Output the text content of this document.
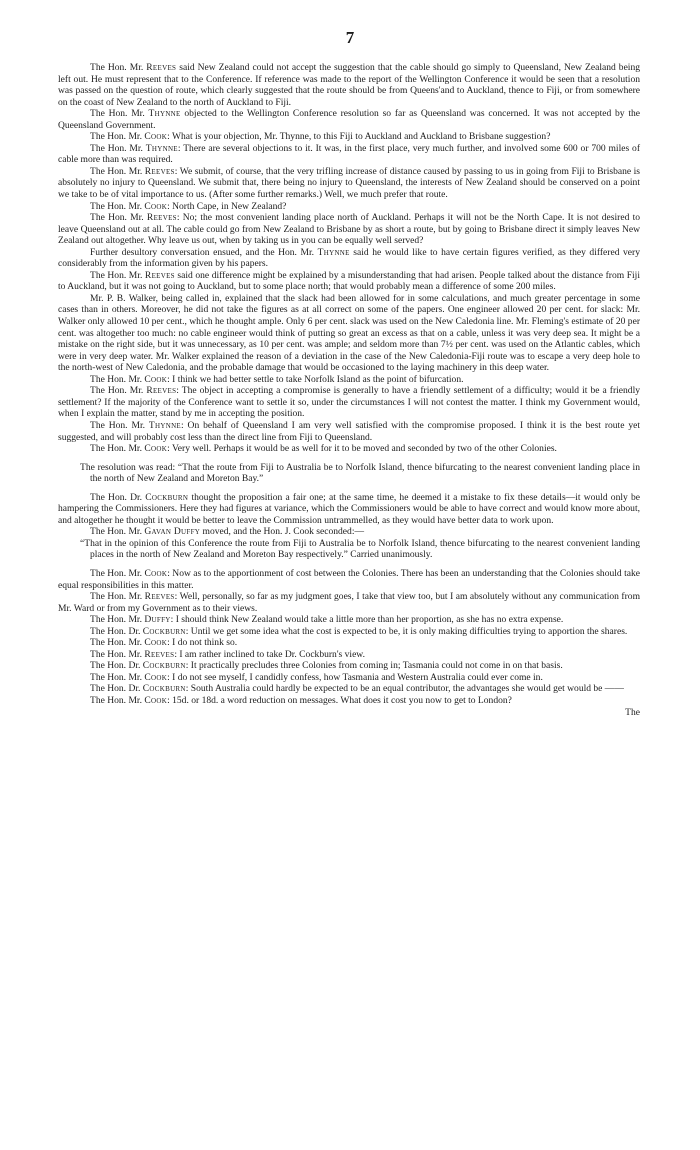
7

The Hon. Mr. Reeves said New Zealand could not accept the suggestion that the cable should go simply to Queensland, New Zealand being left out. He must represent that to the Conference. If reference was made to the report of the Wellington Conference it would be seen that a resolution was passed on the question of route, which clearly suggested that the route should be from Queens'and to Auckland, thence to Fiji, or from somewhere on the coast of New Zealand to the north of Auckland to Fiji.

The Hon. Mr. Thynne objected to the Wellington Conference resolution so far as Queensland was concerned. It was not accepted by the Queensland Government.

The Hon. Mr. Cook: What is your objection, Mr. Thynne, to this Fiji to Auckland and Auckland to Brisbane suggestion?

The Hon. Mr. Thynne: There are several objections to it. It was, in the first place, very much further, and involved some 600 or 700 miles of cable more than was required.

The Hon. Mr. Reeves: We submit, of course, that the very trifling increase of distance caused by passing to us in going from Fiji to Brisbane is absolutely no injury to Queensland. We submit that, there being no injury to Queensland, the interests of New Zealand should be conserved on a point we take to be of vital importance to us. (After some further remarks.) Well, we much prefer that route.

The Hon. Mr. Cook: North Cape, in New Zealand?

The Hon. Mr. Reeves: No; the most convenient landing place north of Auckland. Perhaps it will not be the North Cape. It is not desired to leave Queensland out at all. The cable could go from New Zealand to Brisbane by as short a route, but by going to Brisbane direct it simply leaves New Zealand out altogether. Why leave us out, when by taking us in you can be equally well served?

Further desultory conversation ensued, and the Hon. Mr. Thynne said he would like to have certain figures verified, as they differed very considerably from the information given by his papers.

The Hon. Mr. Reeves said one difference might be explained by a misunderstanding that had arisen. People talked about the distance from Fiji to Auckland, but it was not going to Auckland, but to some place north; that would probably mean a difference of some 200 miles.

Mr. P. B. Walker, being called in, explained that the slack had been allowed for in some calculations, and much greater percentage in some cases than in others. Moreover, he did not take the figures as at all correct on some of the papers. One engineer allowed 20 per cent. for slack: Mr. Walker only allowed 10 per cent., which he thought ample. Only 6 per cent. slack was used on the New Caledonia line. Mr. Fleming's estimate of 20 per cent. was altogether too much: no cable engineer would think of putting so great an excess as that on a cable, unless it was very deep sea. It might be a mistake on the right side, but it was unnecessary, as 10 per cent. was ample; and seldom more than 7½ per cent. was used on the Atlantic cables, which were in very deep water. Mr. Walker explained the reason of a deviation in the case of the New Caledonia-Fiji route was to escape a very deep hole to the north-west of New Caledonia, and the probable damage that would be occasioned to the laying machinery in this deep water.

The Hon. Mr. Cook: I think we had better settle to take Norfolk Island as the point of bifurcation.

The Hon. Mr. Reeves: The object in accepting a compromise is generally to have a friendly settlement of a difficulty; would it be a friendly settlement? If the majority of the Conference want to settle it so, under the circumstances I will not contest the matter. I think my Government would, when I explain the matter, stand by me in accepting the position.

The Hon. Mr. Thynne: On behalf of Queensland I am very well satisfied with the compromise proposed. I think it is the best route yet suggested, and will probably cost less than the direct line from Fiji to Queensland.

The Hon. Mr. Cook: Very well. Perhaps it would be as well for it to be moved and seconded by two of the other Colonies.

The resolution was read: “That the route from Fiji to Australia be to Norfolk Island, thence bifurcating to the nearest convenient landing place in the north of New Zealand and Moreton Bay.”

The Hon. Dr. Cockburn thought the proposition a fair one; at the same time, he deemed it a mistake to fix these details—it would only be hampering the Commissioners. Here they had figures at variance, which the Commissioners would be able to have correct and would know more about, and altogether he thought it would be better to leave the Commission untrammelled, as they would have better data to work upon.

The Hon. Mr. Gavan Duffy moved, and the Hon. J. Cook seconded:—

“That in the opinion of this Conference the route from Fiji to Australia be to Norfolk Island, thence bifurcating to the nearest convenient landing places in the north of New Zealand and Moreton Bay respectively.” Carried unanimously.

The Hon. Mr. Cook: Now as to the apportionment of cost between the Colonies. There has been an understanding that the Colonies should take equal responsibilities in this matter.

The Hon. Mr. Reeves: Well, personally, so far as my judgment goes, I take that view too, but I am absolutely without any communication from Mr. Ward or from my Government as to their views.

The Hon. Mr. Duffy: I should think New Zealand would take a little more than her proportion, as she has no extra expense.

The Hon. Dr. Cockburn: Until we get some idea what the cost is expected to be, it is only making difficulties trying to apportion the shares.

The Hon. Mr. Cook: I do not think so.

The Hon. Mr. Reeves: I am rather inclined to take Dr. Cockburn's view.

The Hon. Dr. Cockburn: It practically precludes three Colonies from coming in; Tasmania could not come in on that basis.

The Hon. Mr. Cook: I do not see myself, I candidly confess, how Tasmania and Western Australia could ever come in.

The Hon. Dr. Cockburn: South Australia could hardly be expected to be an equal contributor, the advantages she would get would be ——

The Hon. Mr. Cook: 15d. or 18d. a word reduction on messages. What does it cost you now to get to London?

The
